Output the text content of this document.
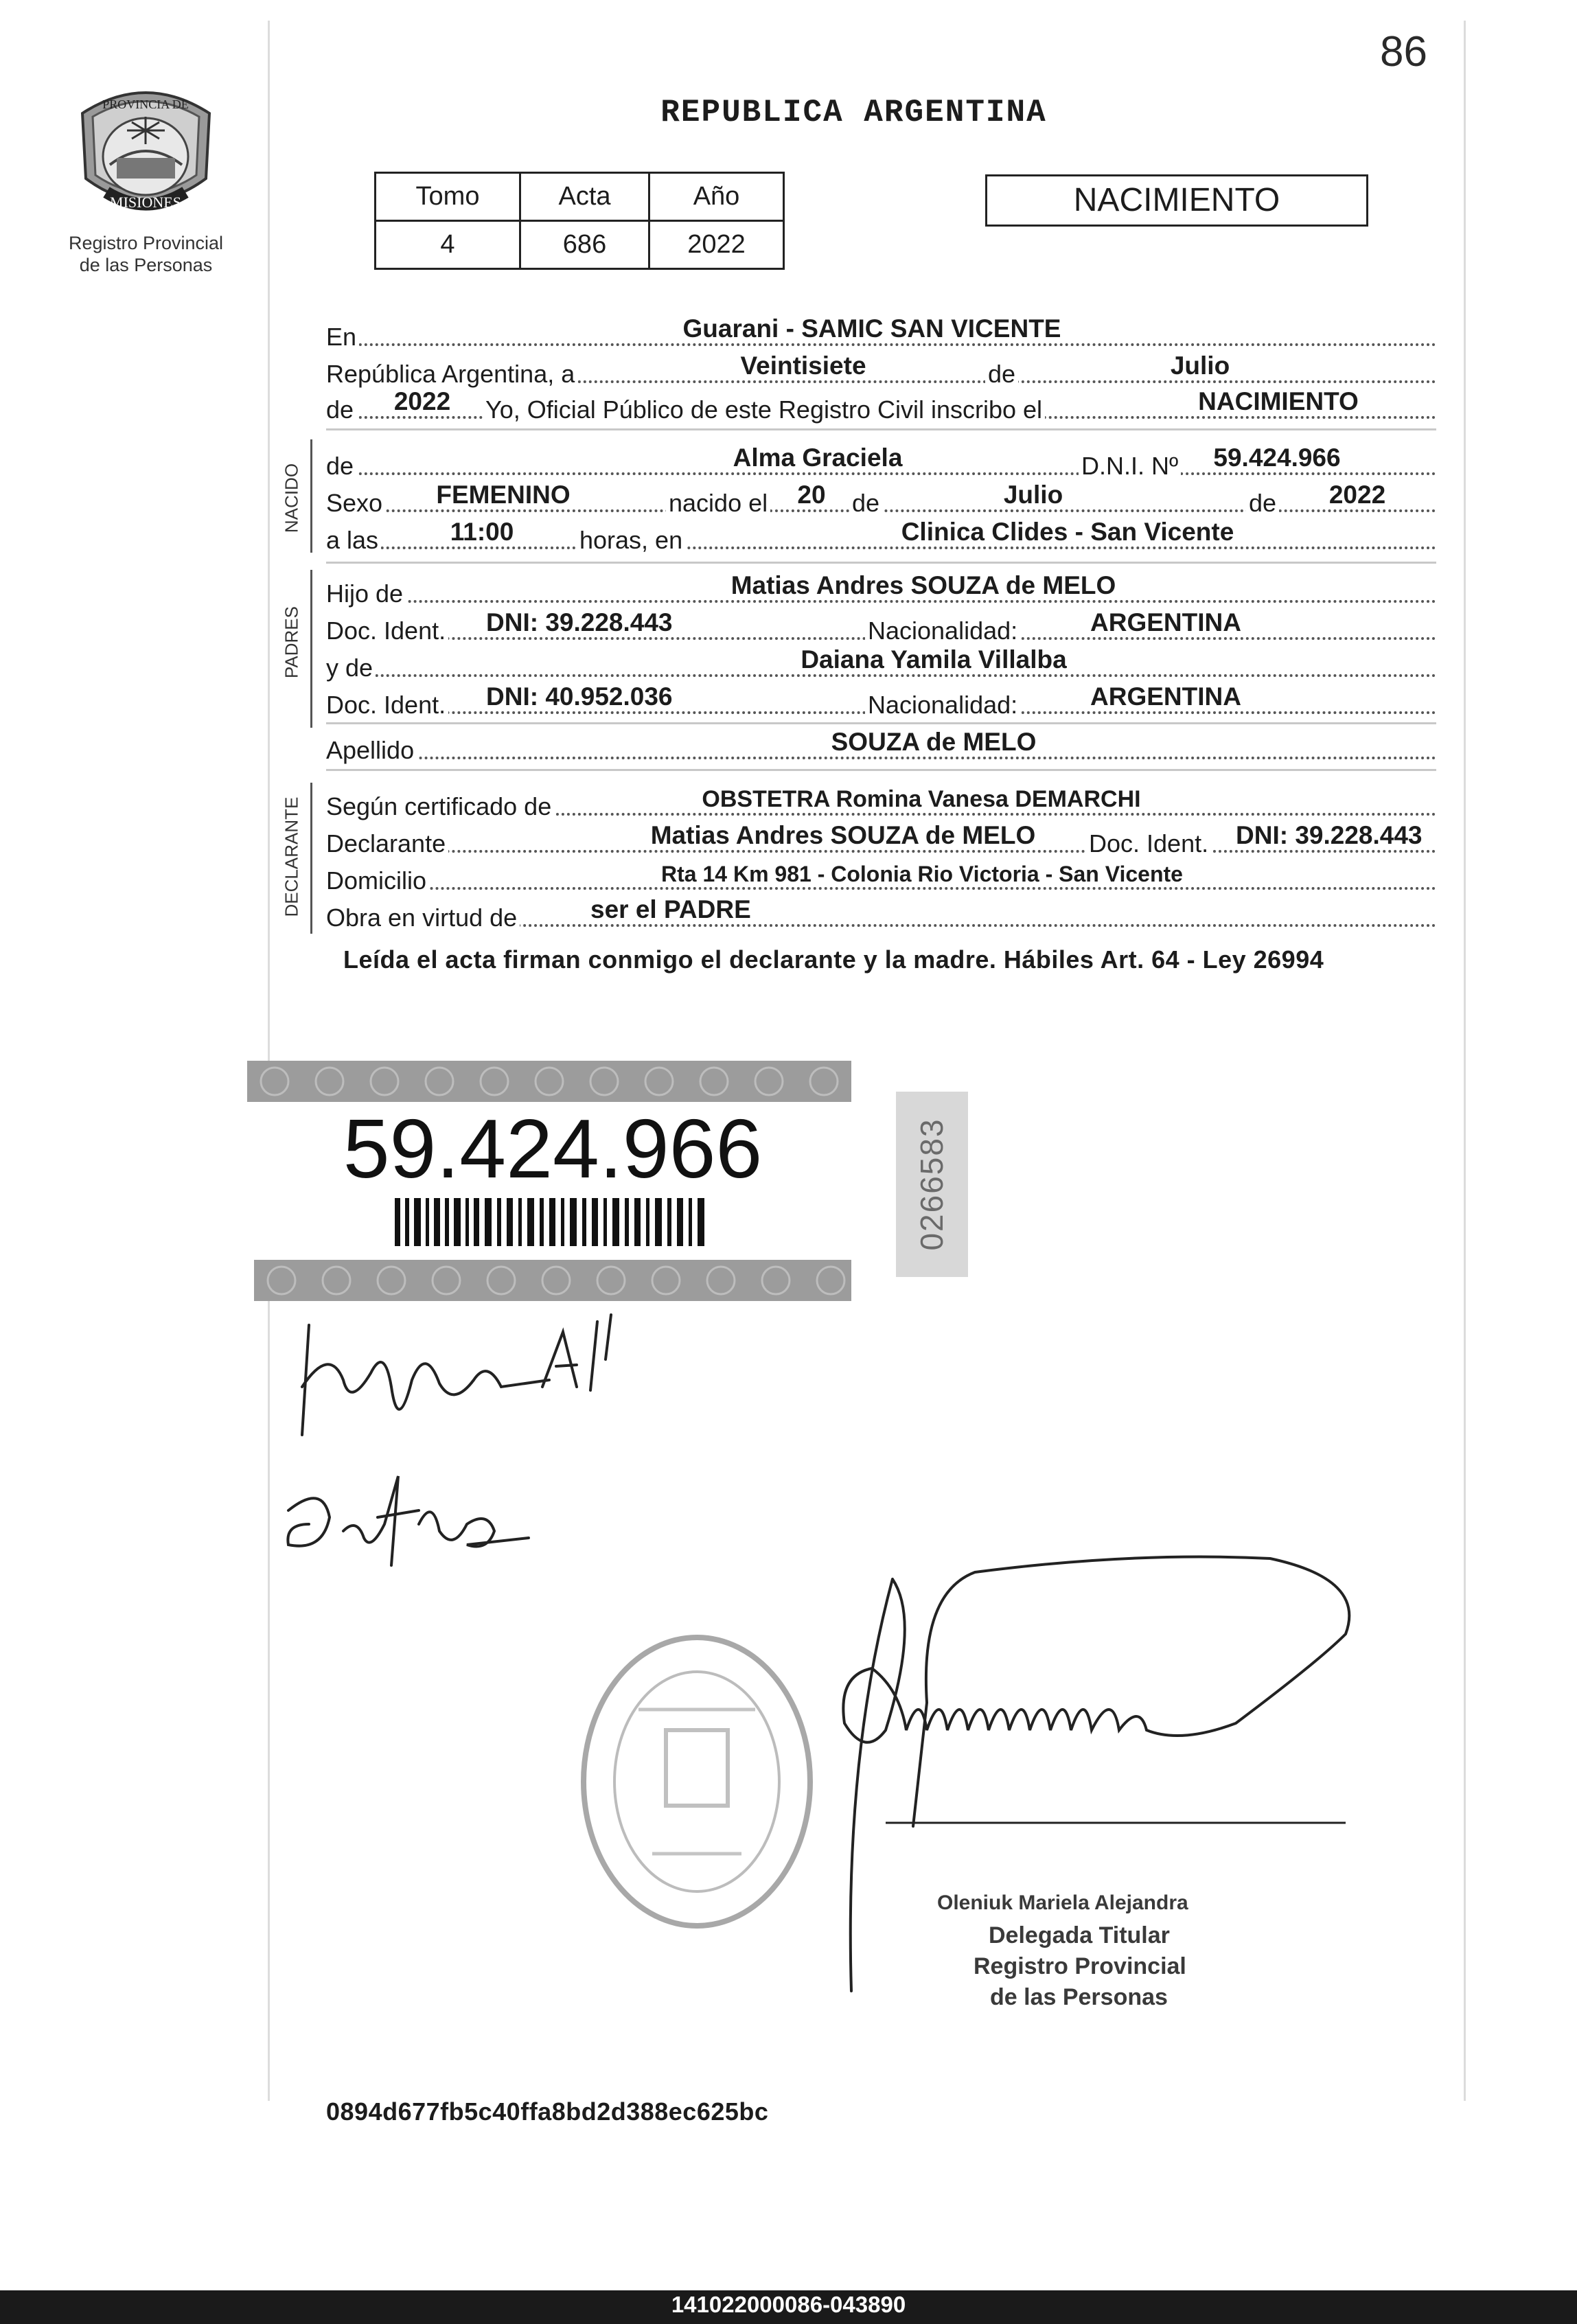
86
REPUBLICA ARGENTINA
MISIONES
PROVINCIA DE
Registro Provincial
de las Personas
Tomo	Acta	Año
4	686	2022
NACIMIENTO
En	Guarani - SAMIC SAN VICENTE
República Argentina, a	Veintisiete	de	Julio
de 2022 Yo, Oficial Público de este Registro Civil inscribo el	NACIMIENTO
NACIDO de	Alma Graciela	D.N.I. Nº 59.424.966
Sexo FEMENINO	nacido el 20 de	Julio	de 2022
a las	11:00	horas, en	Clinica Clides - San Vicente
PADRES
Hijo de	Matias Andres SOUZA de MELO
Doc. Ident. DNI: 39.228.443	Nacionalidad:	ARGENTINA
y de	Daiana Yamila Villalba
Doc. Ident. DNI: 40.952.036	Nacionalidad:	ARGENTINA
Apellido	SOUZA de MELO
DECLARANTE Según certificado de	OBSTETRA Romina Vanesa DEMARCHI
Declarante	Matias Andres SOUZA de MELO Doc. Ident. DNI: 39.228.443
Domicilio	Rta 14 Km 981 - Colonia Rio Victoria - San Vicente
Obra en virtud de	ser el PADRE
Leída el acta firman conmigo el declarante y la madre. Hábiles Art. 64 - Ley 26994
59.424.966	0266583
Oleniuk Mariela Alejandra
Delegada Titular
Registro Provincial
de las Personas
0894d677fb5c40ffa8bd2d388ec625bc
141022000086-043890
